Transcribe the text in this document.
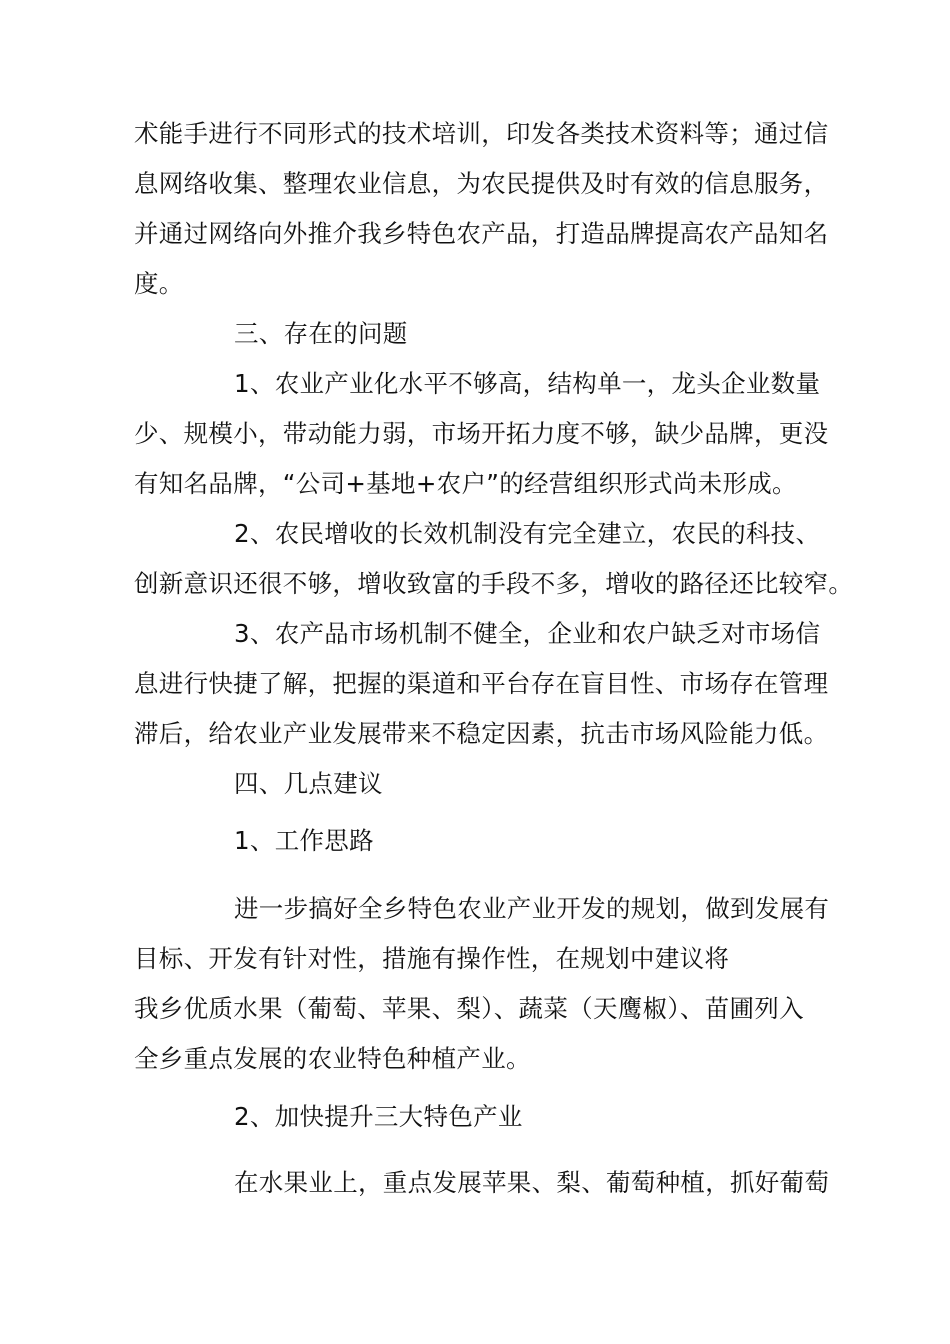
术能手进行不同形式的技术培训，印发各类技术资料等；通过信
息网络收集、整理农业信息，为农民提供及时有效的信息服务，
并通过网络向外推介我乡特色农产品，打造品牌提高农产品知名
度。
三、存在的问题
1、农业产业化水平不够高，结构单一，龙头企业数量
少、规模小，带动能力弱，市场开拓力度不够，缺少品牌，更没
有知名品牌，“公司+基地+农户”的经营组织形式尚未形成。
2、农民增收的长效机制没有完全建立，农民的科技、
创新意识还很不够，增收致富的手段不多，增收的路径还比较窄。
3、农产品市场机制不健全，企业和农户缺乏对市场信
息进行快捷了解，把握的渠道和平台存在盲目性、市场存在管理
滞后，给农业产业发展带来不稳定因素，抗击市场风险能力低。
四、几点建议
1、工作思路
进一步搞好全乡特色农业产业开发的规划，做到发展有
目标、开发有针对性，措施有操作性，在规划中建议将
我乡优质水果（葡萄、苹果、梨）、蔬菜（天鹰椒）、苗圃列入
全乡重点发展的农业特色种植产业。
2、加快提升三大特色产业
在水果业上，重点发展苹果、梨、葡萄种植，抓好葡萄
